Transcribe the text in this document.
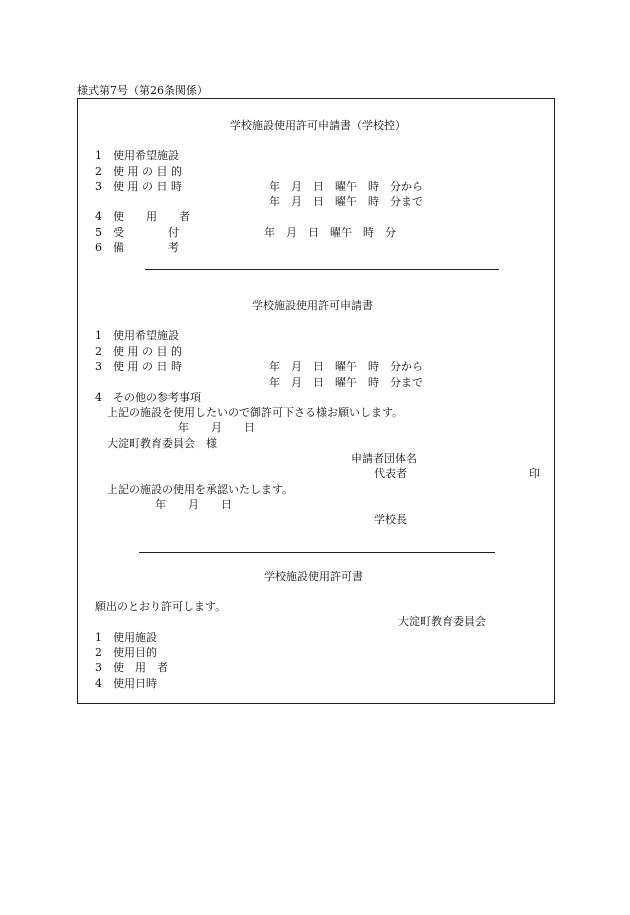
様式第7号（第26条関係）
学校施設使用許可申請書（学校控）
1 使用希望施設
2 使 用 の 目 的
3 使 用 の 日 時	年　月　日　曜午　時　分から
年　月　日　曜午　時　分まで
4 使　　用　　者
5 受　　　　付	年　月　日　曜午　時　分
6 備　　　　考
学校施設使用許可申請書
1 使用希望施設
2 使 用 の 目 的
3 使 用 の 日 時	年　月　日　曜午　時　分から
年　月　日　曜午　時　分まで
4 その他の参考事項
上記の施設を使用したいので御許可下さる様お願いします。
年　　月　　日
大淀町教育委員会　様
申請者団体名
代表者	印
上記の施設の使用を承認いたします。
年　　月　　日
学校長
学校施設使用許可書
願出のとおり許可します。
大淀町教育委員会
1 使用施設
2 使用目的
3 使　用　者
4 使用日時
